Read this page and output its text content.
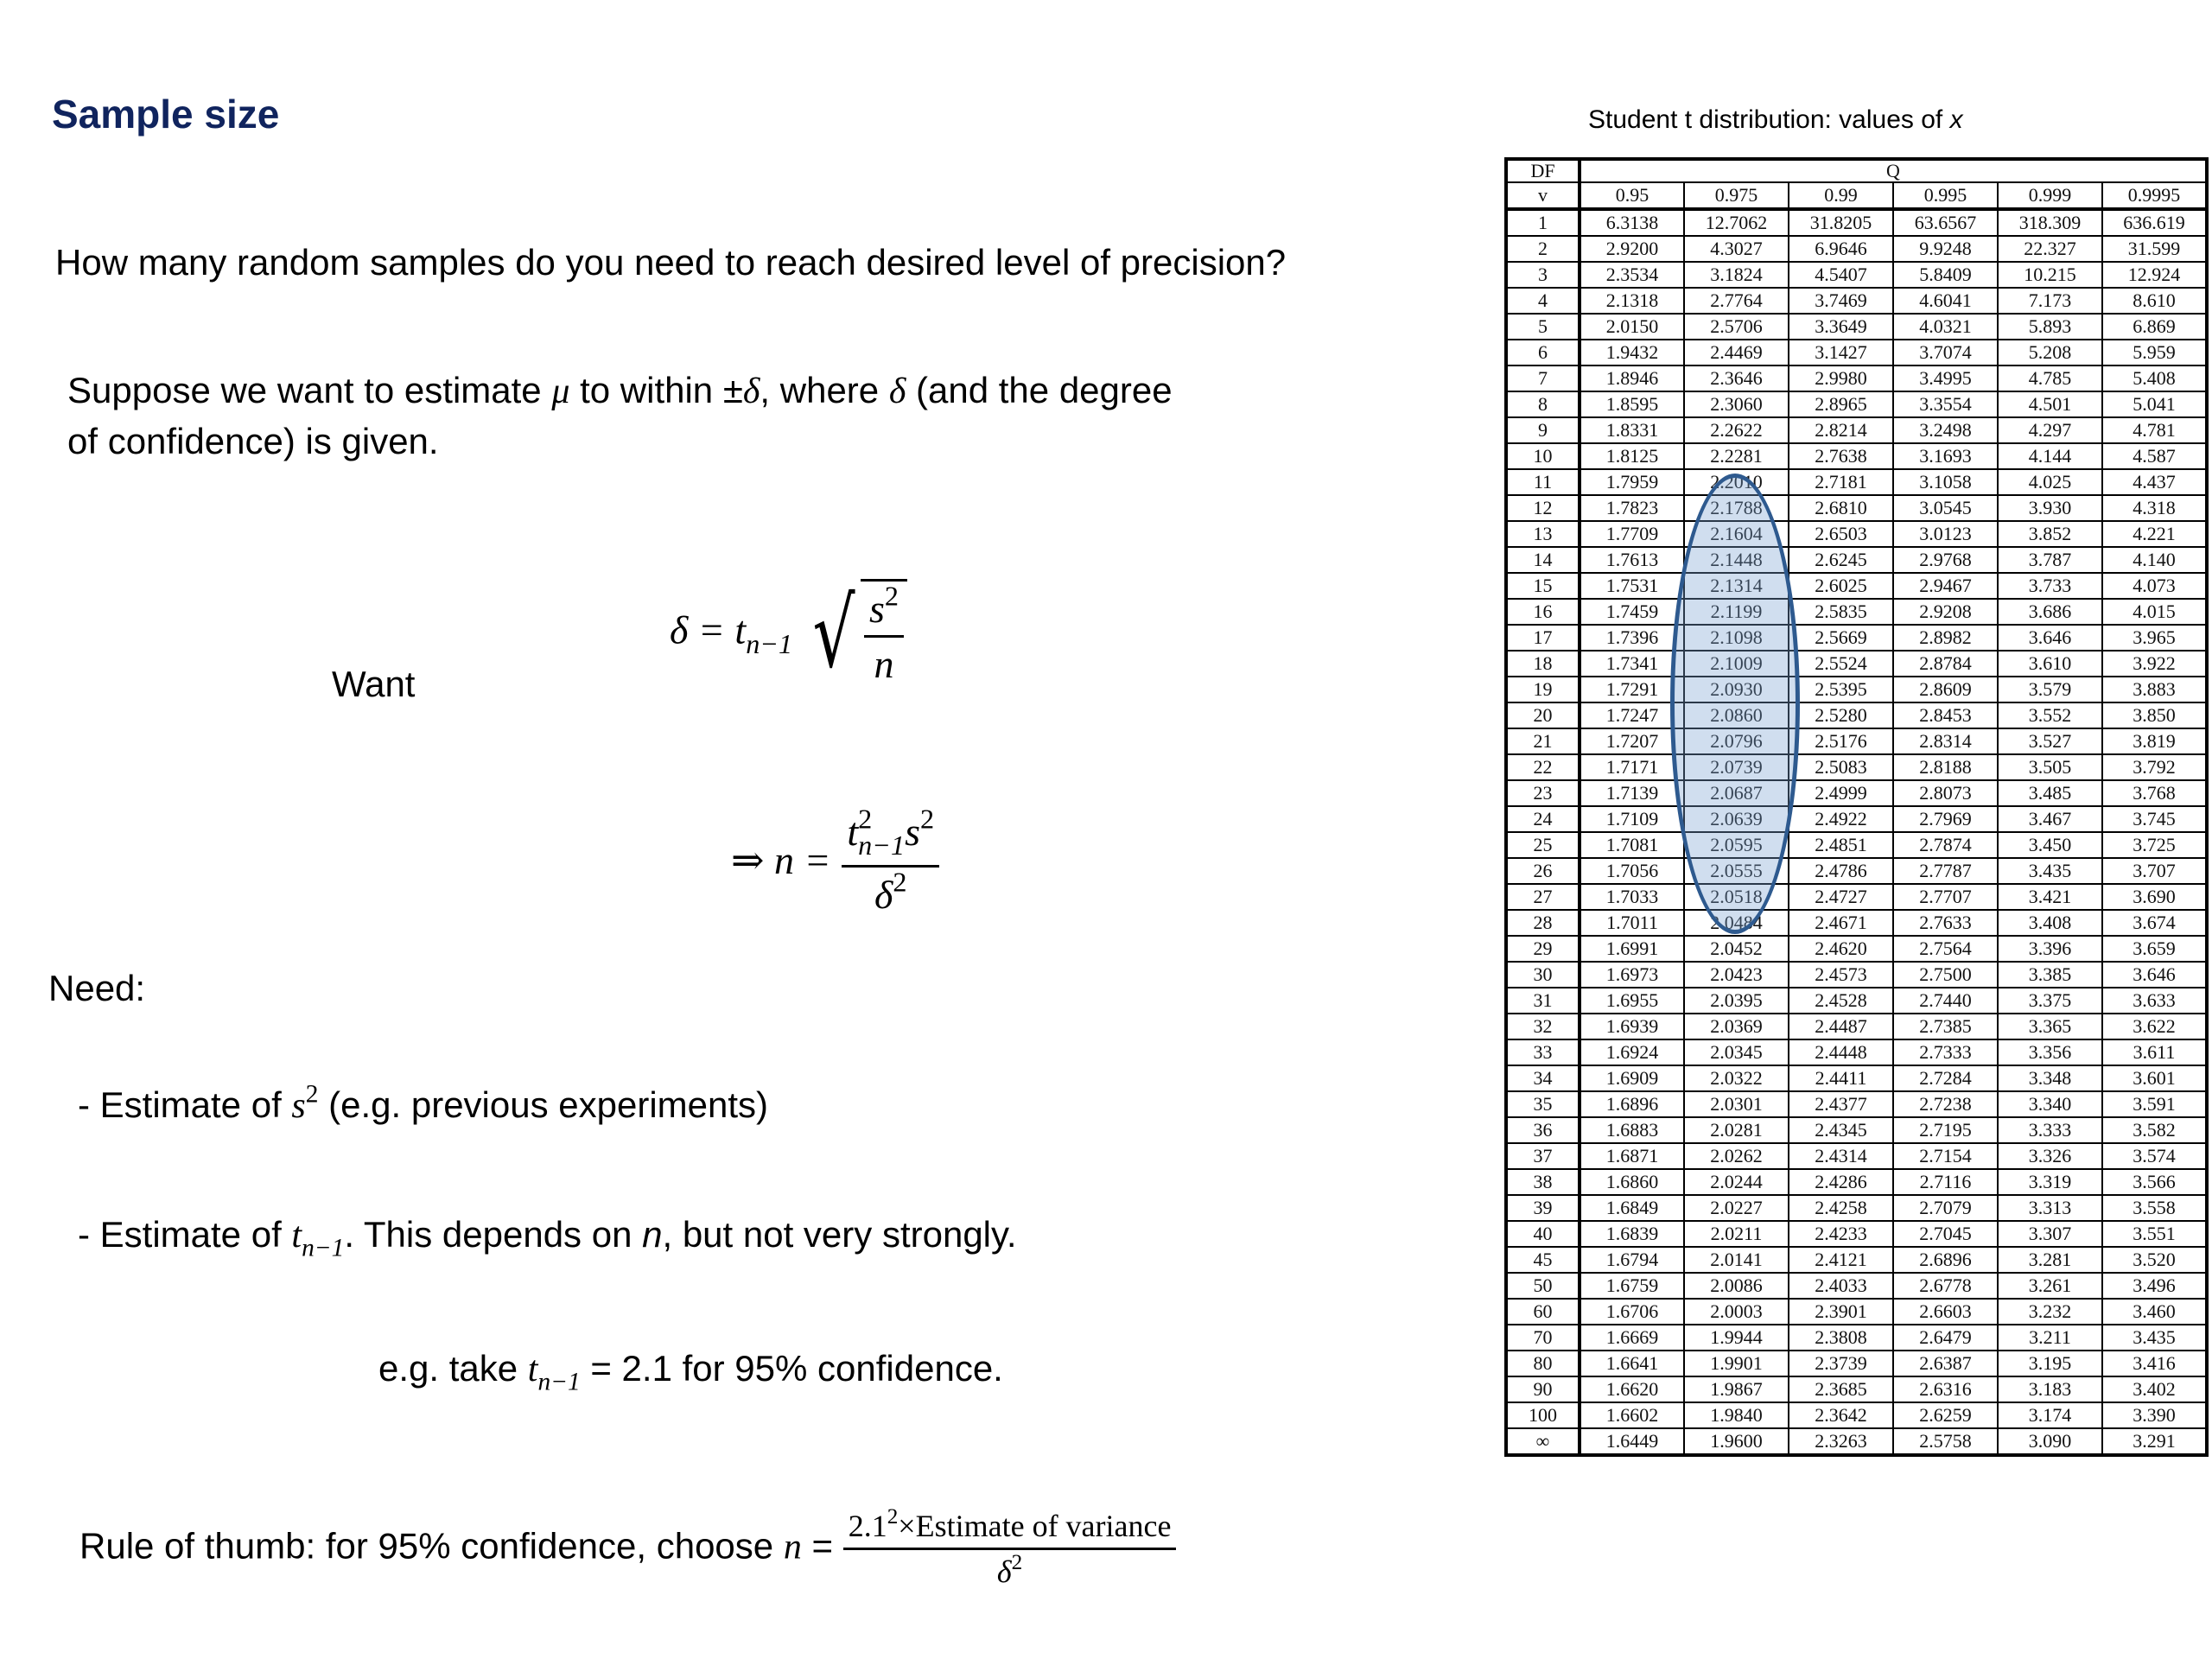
Sample size
How many random samples do you need to reach desired level of precision?
Suppose we want to estimate μ to within ±δ, where δ (and the degree
of confidence) is given.
Want
$\delta = t_{n-1}$ √ $\frac{s^2}{n}$
⇒ $n = \frac{t^2_{n-1}s^2}{\delta^2}$
Need:
- Estimate of $s^2$ (e.g. previous experiments)
- Estimate of $t_{n-1}$. This depends on n, but not very strongly.
e.g. take $t_{n-1} = 2.1$ for 95% confidence.
Rule of thumb: for 95% confidence, choose $n = \frac{2.1^2\times Estimate of variance}{\delta^2}$
Student t distribution: values of x
DF	Q					
v	0.95	0.975	0.99	0.995	0.999	0.9995
1	6.3138	12.7062	31.8205	63.6567	318.309	636.619
2	2.9200	4.3027	6.9646	9.9248	22.327	31.599
3	2.3534	3.1824	4.5407	5.8409	10.215	12.924
4	2.1318	2.7764	3.7469	4.6041	7.173	8.610
5	2.0150	2.5706	3.3649	4.0321	5.893	6.869
6	1.9432	2.4469	3.1427	3.7074	5.208	5.959
7	1.8946	2.3646	2.9980	3.4995	4.785	5.408
8	1.8595	2.3060	2.8965	3.3554	4.501	5.041
9	1.8331	2.2622	2.8214	3.2498	4.297	4.781
10	1.8125	2.2281	2.7638	3.1693	4.144	4.587
11	1.7959	2.2010	2.7181	3.1058	4.025	4.437
12	1.7823	2.1788	2.6810	3.0545	3.930	4.318
13	1.7709	2.1604	2.6503	3.0123	3.852	4.221
14	1.7613	2.1448	2.6245	2.9768	3.787	4.140
15	1.7531	2.1314	2.6025	2.9467	3.733	4.073
16	1.7459	2.1199	2.5835	2.9208	3.686	4.015
17	1.7396	2.1098	2.5669	2.8982	3.646	3.965
18	1.7341	2.1009	2.5524	2.8784	3.610	3.922
19	1.7291	2.0930	2.5395	2.8609	3.579	3.883
20	1.7247	2.0860	2.5280	2.8453	3.552	3.850
21	1.7207	2.0796	2.5176	2.8314	3.527	3.819
22	1.7171	2.0739	2.5083	2.8188	3.505	3.792
23	1.7139	2.0687	2.4999	2.8073	3.485	3.768
24	1.7109	2.0639	2.4922	2.7969	3.467	3.745
25	1.7081	2.0595	2.4851	2.7874	3.450	3.725
26	1.7056	2.0555	2.4786	2.7787	3.435	3.707
27	1.7033	2.0518	2.4727	2.7707	3.421	3.690
28	1.7011	2.0484	2.4671	2.7633	3.408	3.674
29	1.6991	2.0452	2.4620	2.7564	3.396	3.659
30	1.6973	2.0423	2.4573	2.7500	3.385	3.646
31	1.6955	2.0395	2.4528	2.7440	3.375	3.633
32	1.6939	2.0369	2.4487	2.7385	3.365	3.622
33	1.6924	2.0345	2.4448	2.7333	3.356	3.611
34	1.6909	2.0322	2.4411	2.7284	3.348	3.601
35	1.6896	2.0301	2.4377	2.7238	3.340	3.591
36	1.6883	2.0281	2.4345	2.7195	3.333	3.582
37	1.6871	2.0262	2.4314	2.7154	3.326	3.574
38	1.6860	2.0244	2.4286	2.7116	3.319	3.566
39	1.6849	2.0227	2.4258	2.7079	3.313	3.558
40	1.6839	2.0211	2.4233	2.7045	3.307	3.551
45	1.6794	2.0141	2.4121	2.6896	3.281	3.520
50	1.6759	2.0086	2.4033	2.6778	3.261	3.496
60	1.6706	2.0003	2.3901	2.6603	3.232	3.460
70	1.6669	1.9944	2.3808	2.6479	3.211	3.435
80	1.6641	1.9901	2.3739	2.6387	3.195	3.416
90	1.6620	1.9867	2.3685	2.6316	3.183	3.402
100	1.6602	1.9840	2.3642	2.6259	3.174	3.390
∞	1.6449	1.9600	2.3263	2.5758	3.090	3.291
